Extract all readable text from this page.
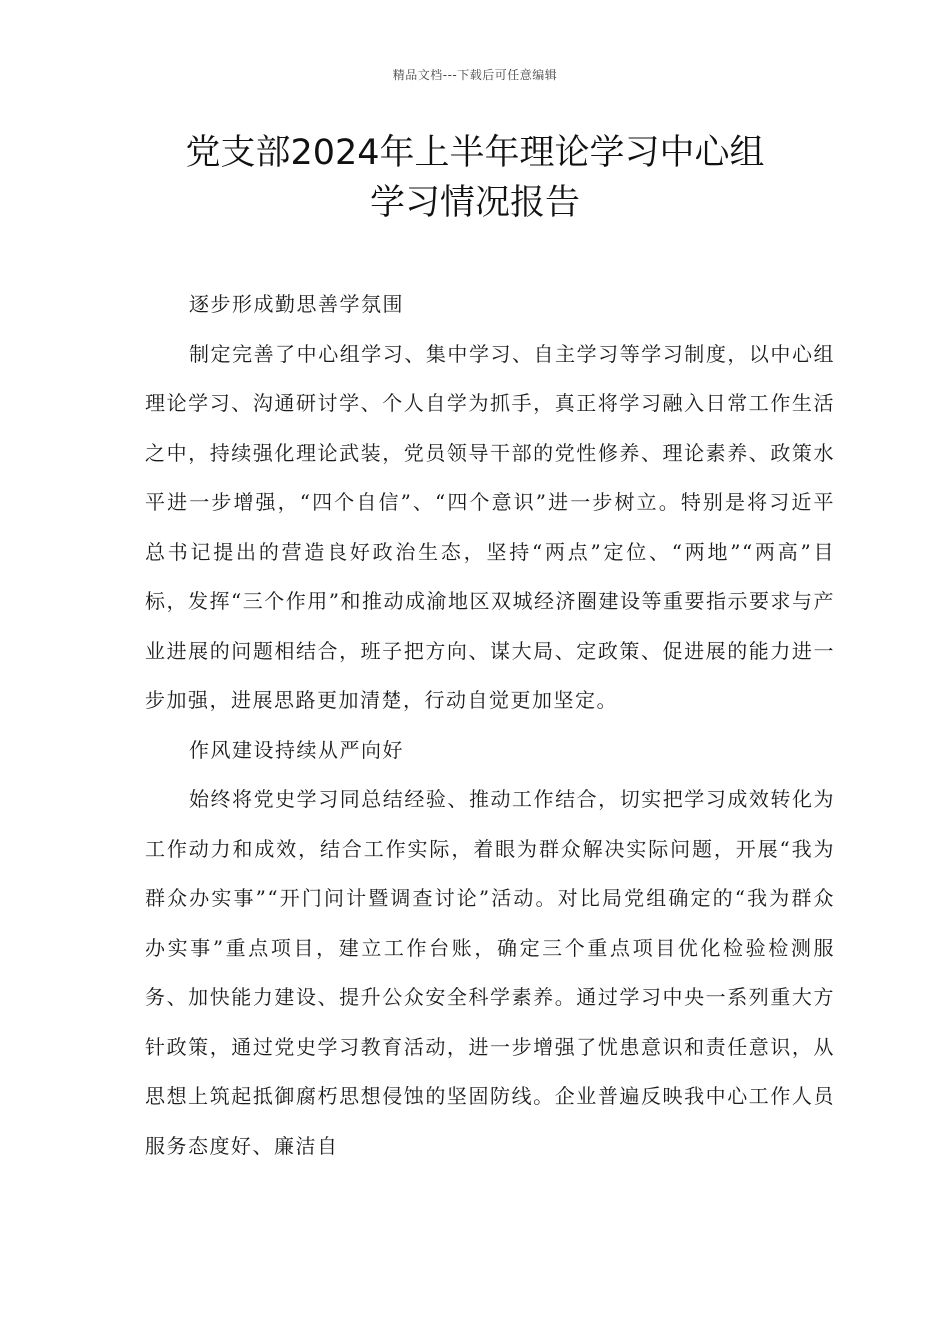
精品文档---下载后可任意编辑
党支部2024年上半年理论学习中心组
学习情况报告

逐步形成勤思善学氛围

制定完善了中心组学习、集中学习、自主学习等学习制度，以中心组理论学习、沟通研讨学、个人自学为抓手，真正将学习融入日常工作生活之中，持续强化理论武装，党员领导干部的党性修养、理论素养、政策水平进一步增强，“四个自信”、“四个意识”进一步树立。特别是将习近平总书记提出的营造良好政治生态，坚持“两点”定位、“两地”“两高”目标，发挥“三个作用”和推动成渝地区双城经济圈建设等重要指示要求与产业进展的问题相结合，班子把方向、谋大局、定政策、促进展的能力进一步加强，进展思路更加清楚，行动自觉更加坚定。

作风建设持续从严向好

始终将党史学习同总结经验、推动工作结合，切实把学习成效转化为工作动力和成效，结合工作实际，着眼为群众解决实际问题，开展“我为群众办实事”“开门问计暨调查讨论”活动。对比局党组确定的“我为群众办实事”重点项目，建立工作台账，确定三个重点项目优化检验检测服务、加快能力建设、提升公众安全科学素养。通过学习中央一系列重大方针政策，通过党史学习教育活动，进一步增强了忧患意识和责任意识，从思想上筑起抵御腐朽思想侵蚀的坚固防线。企业普遍反映我中心工作人员服务态度好、廉洁自
